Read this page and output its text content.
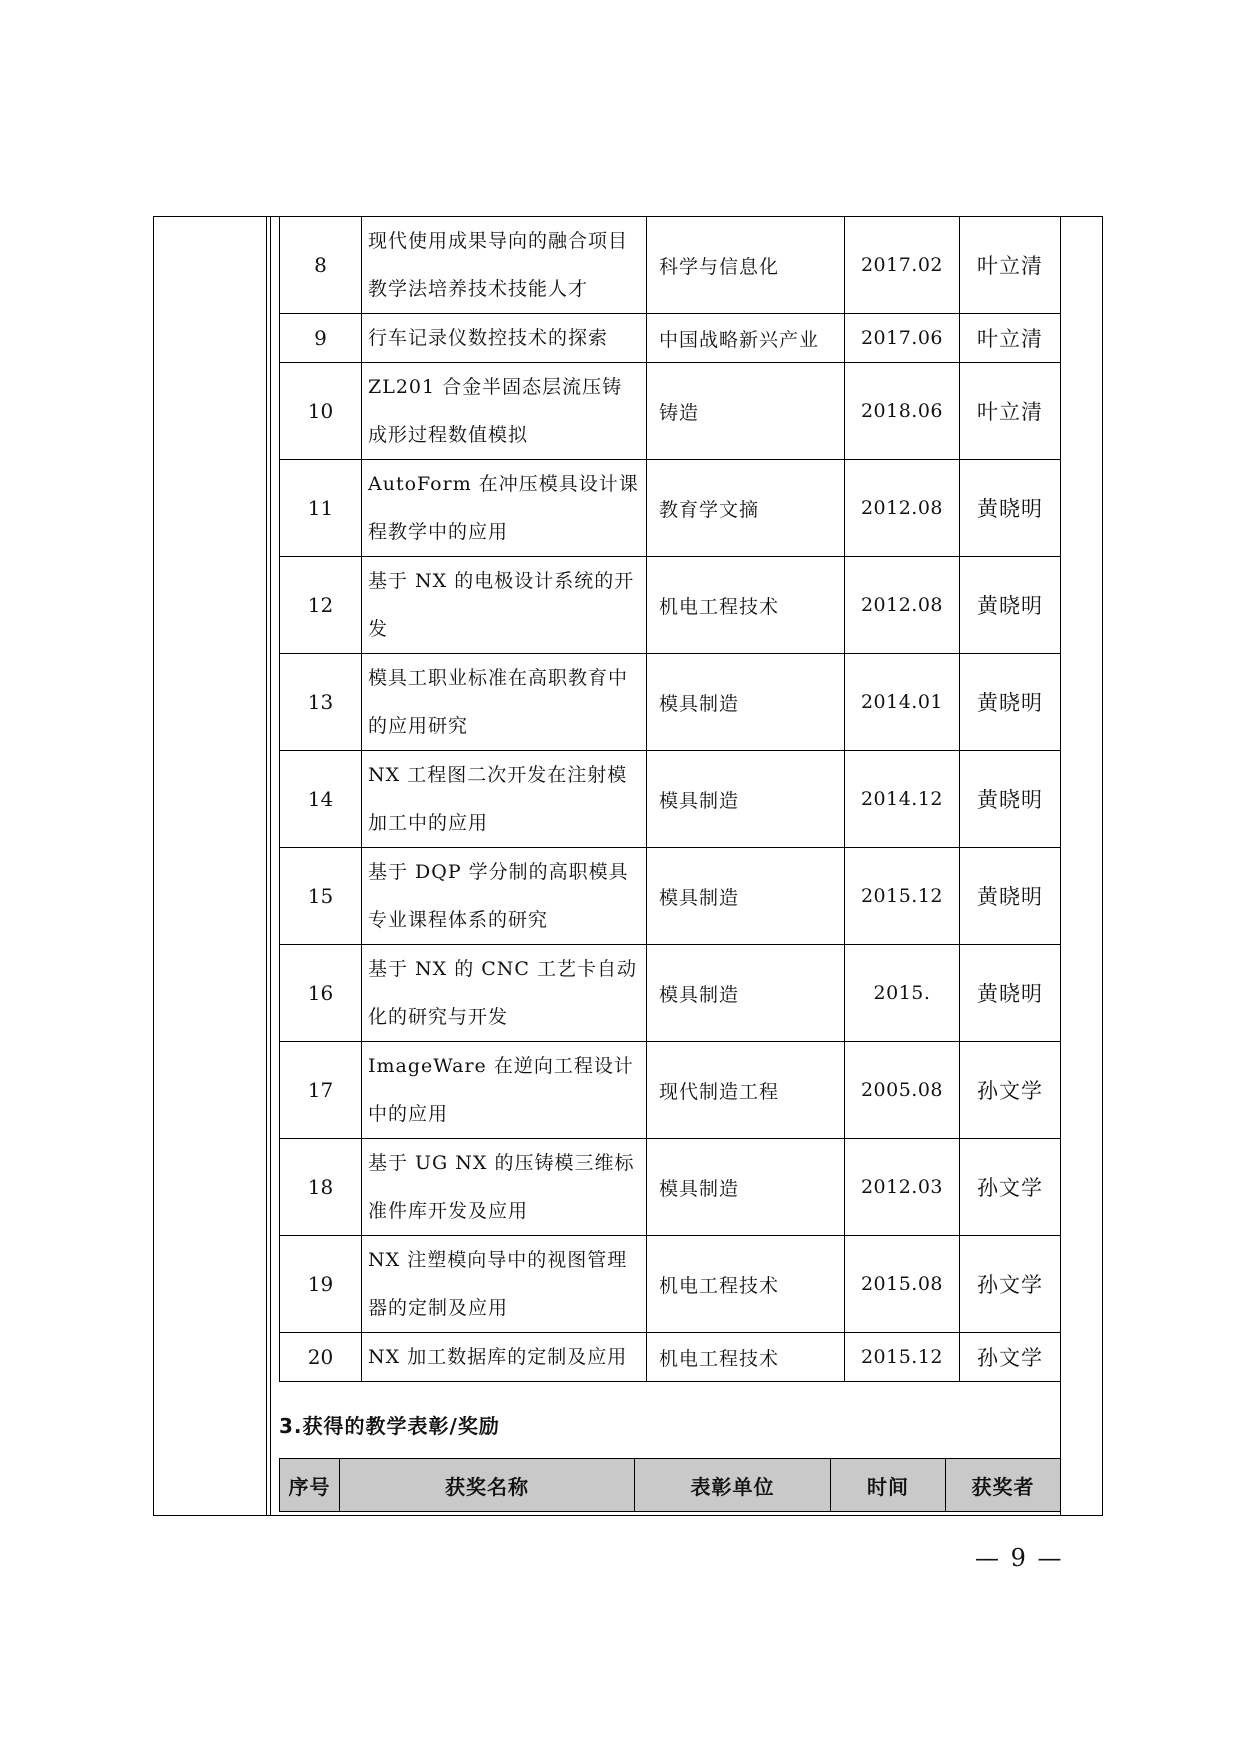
8	现代使用成果导向的融合项目教学法培养技术技能人才	科学与信息化	2017.02	叶立清
9	行车记录仪数控技术的探索	中国战略新兴产业	2017.06	叶立清
10	ZL201 合金半固态层流压铸成形过程数值模拟	铸造	2018.06	叶立清
11	AutoForm 在冲压模具设计课程教学中的应用	教育学文摘	2012.08	黄晓明
12	基于 NX 的电极设计系统的开发	机电工程技术	2012.08	黄晓明
13	模具工职业标准在高职教育中的应用研究	模具制造	2014.01	黄晓明
14	NX 工程图二次开发在注射模加工中的应用	模具制造	2014.12	黄晓明
15	基于 DQP 学分制的高职模具专业课程体系的研究	模具制造	2015.12	黄晓明
16	基于 NX 的 CNC 工艺卡自动化的研究与开发	模具制造	2015.	黄晓明
17	ImageWare 在逆向工程设计中的应用	现代制造工程	2005.08	孙文学
18	基于 UG NX 的压铸模三维标准件库开发及应用	模具制造	2012.03	孙文学
19	NX 注塑模向导中的视图管理器的定制及应用	机电工程技术	2015.08	孙文学
20	NX 加工数据库的定制及应用	机电工程技术	2015.12	孙文学
3.获得的教学表彰/奖励
序号	获奖名称	表彰单位	时间	获奖者
— 9 —
